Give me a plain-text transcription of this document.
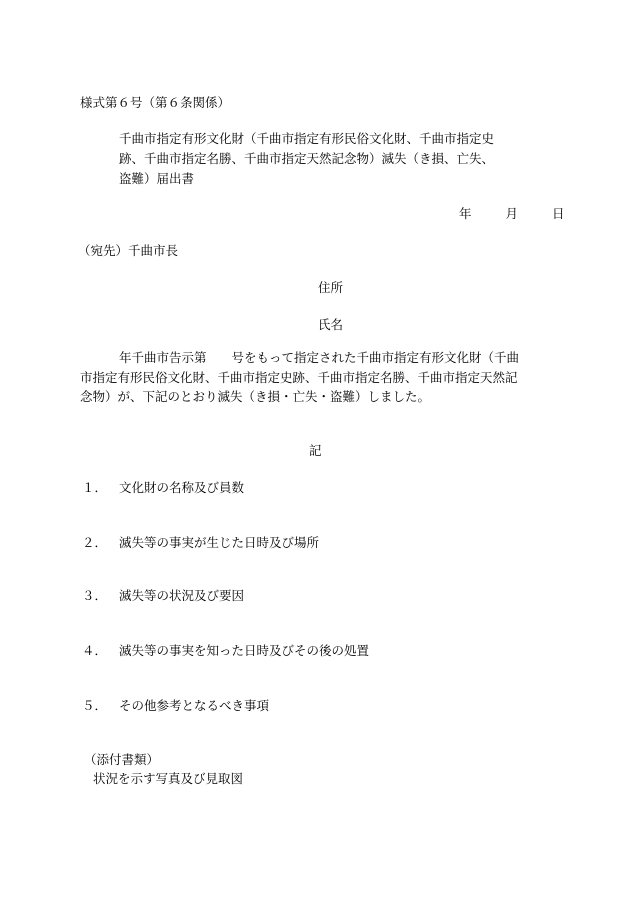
様式第６号（第６条関係）
千曲市指定有形文化財（千曲市指定有形民俗文化財、千曲市指定史
跡、千曲市指定名勝、千曲市指定天然記念物）滅失（き損、亡失、
盗難）届出書
年	月	日
（宛先）千曲市長
住所
氏名
年千曲市告示第　　号をもって指定された千曲市指定有形文化財（千曲
市指定有形民俗文化財、千曲市指定史跡、千曲市指定名勝、千曲市指定天然記
念物）が、下記のとおり滅失（き損・亡失・盗難）しました。
記
１． 文化財の名称及び員数
２． 滅失等の事実が生じた日時及び場所
３． 滅失等の状況及び要因
４． 滅失等の事実を知った日時及びその後の処置
５． その他参考となるべき事項
（添付書類）
状況を示す写真及び見取図
